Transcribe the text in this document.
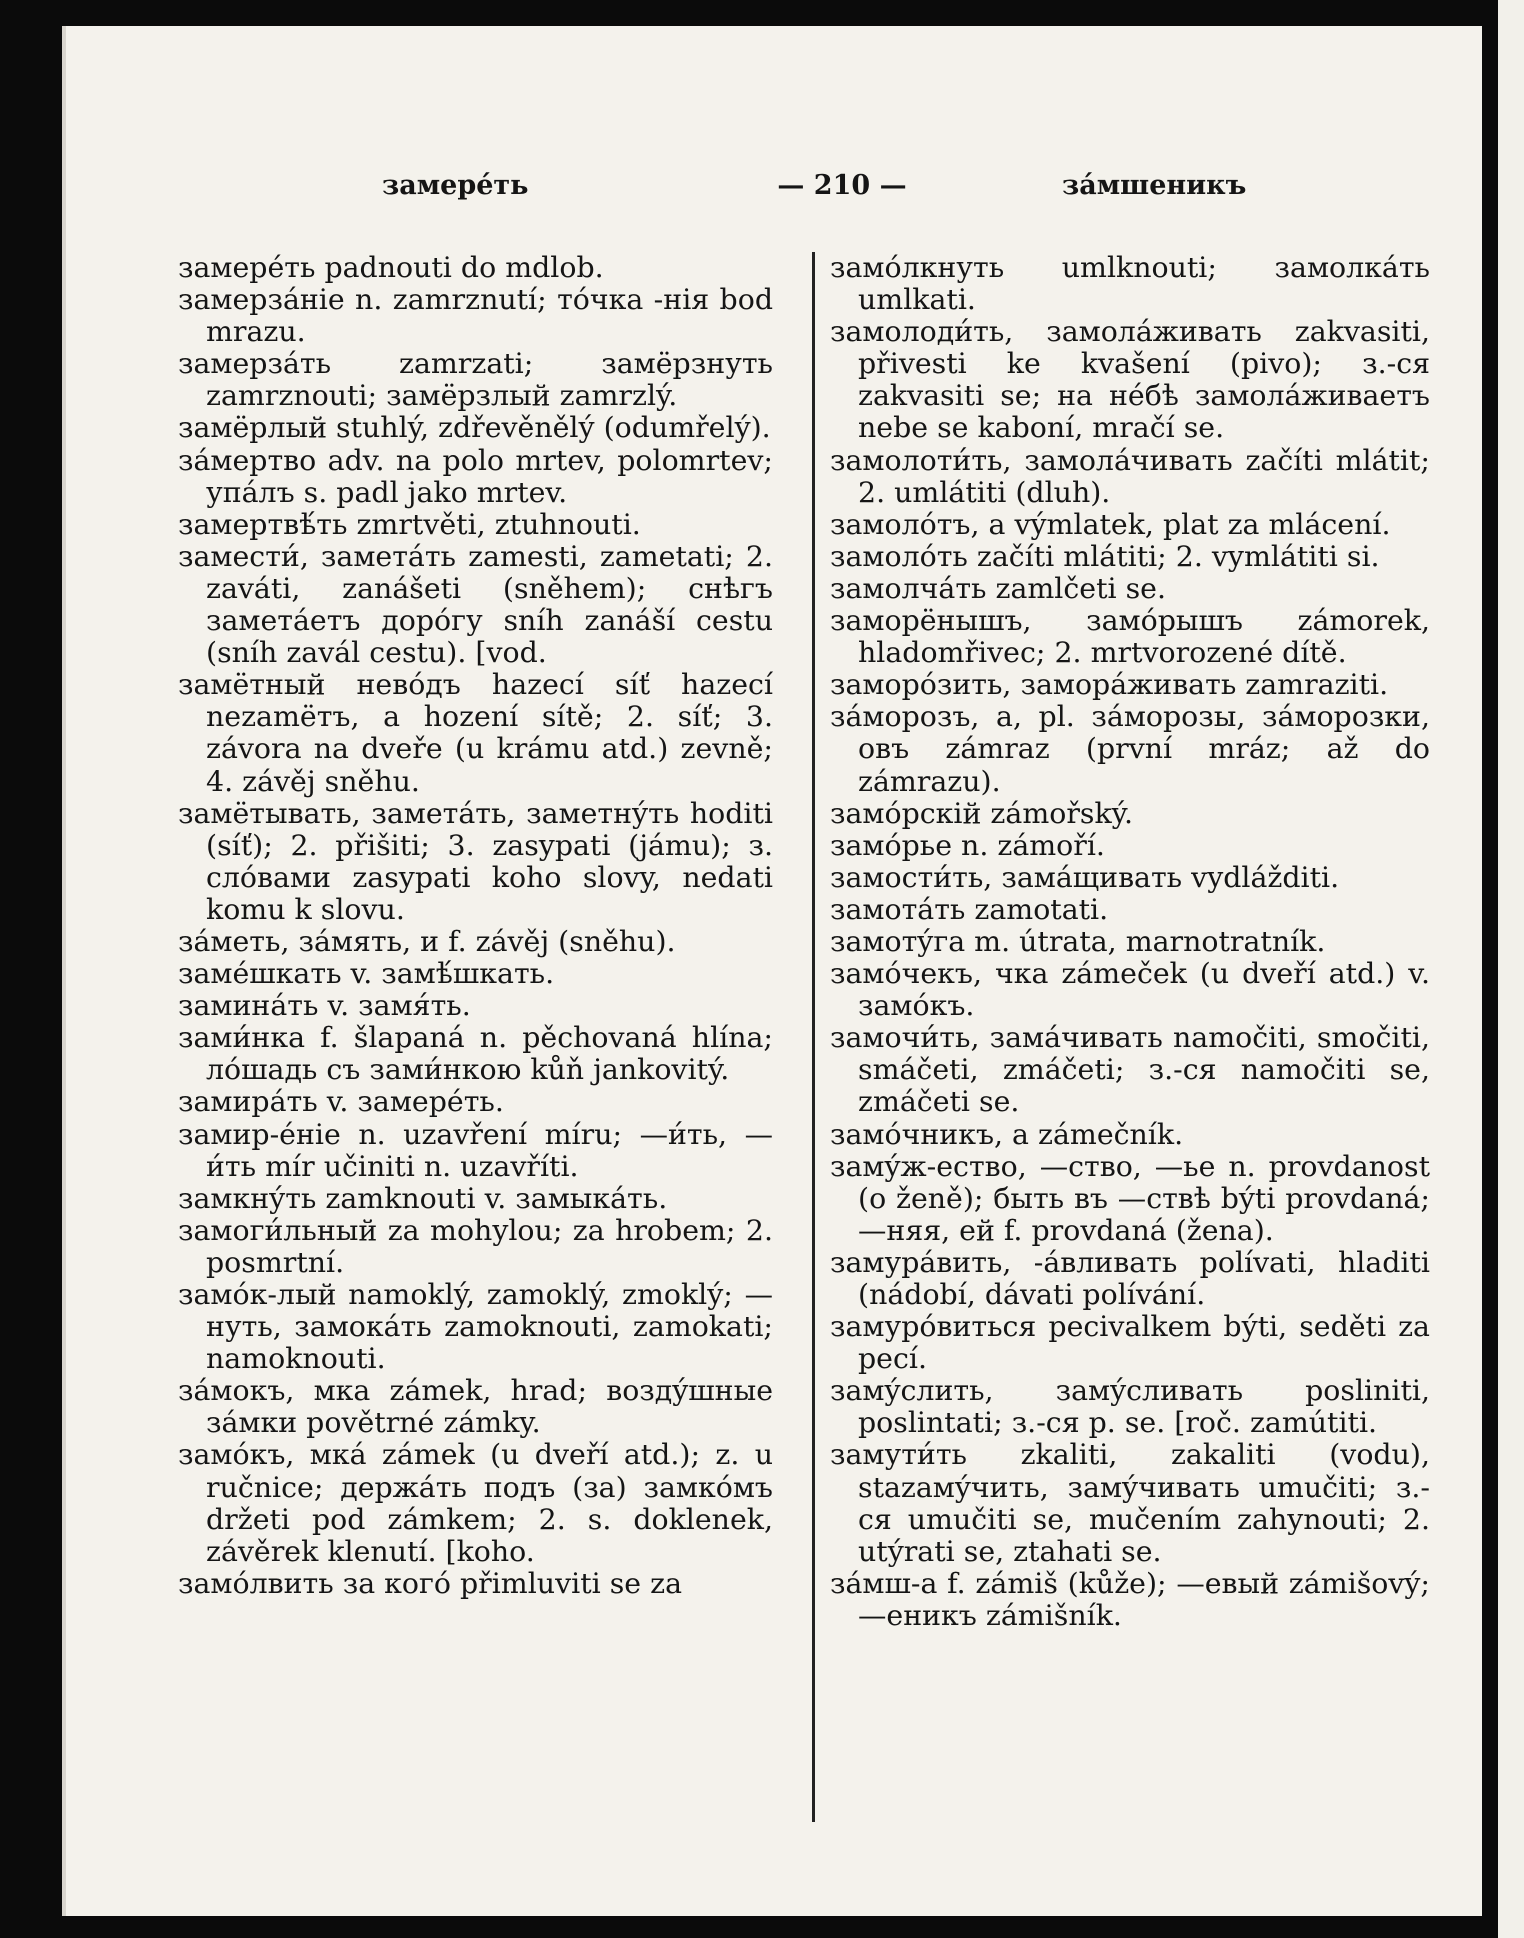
замерéть	— 210 —	зáмшеникъ

замерéть padnouti do mdlob.

замерзáніе n. zamrznutí; тóчка -нія bod mrazu.

замерзáть zamrzati; замёрзнуть zamrznouti; замёрзлый zamrzlý.

замёрлый stuhlý, zdřevěnělý (odumřelý).

зáмертво adv. na polo mrtev, polomrtev; упáлъ s. padl jako mrtev.

замертвѣ́ть zmrtvěti, ztuhnouti.

замести́, заметáть zamesti, zametati; 2. zaváti, zanášeti (sněhem); снѣгъ заметáетъ дорóгу sníh zanáší cestu (sníh zavál cestu). [vod.

замётный невóдъ hazecí síť hazecí nezamётъ, a hození sítě; 2. síť; 3. závora na dveře (u krámu atd.) zevně; 4. závěj sněhu.

замётывать, заметáть, заметнýть hoditi (síť); 2. přišiti; 3. zasypati (jámu); з. слóвами zasypati koho slovy, nedati komu k slovu.

зáметь, зáмять, и f. závěj (sněhu).

замéшкать v. замѣ́шкать.

заминáть v. замя́ть.

зами́нка f. šlapaná n. pěchovaná hlína; лóшадь съ зами́нкою kůň jankovitý.

замирáть v. замерéть.

замир-éніе n. uzavření míru; —и́ть, —и́ть mír učiniti n. uzavříti.

замкнýть zamknouti v. замыкáть.

замоги́льный za mohylou; za hrobem; 2. posmrtní.

замóк-лый namoklý, zamoklý, zmoklý; —нуть, замокáть zamoknouti, zamokati; namoknouti.

зáмокъ, мка zámek, hrad; воздýшные зáмки povětrné zámky.

замóкъ, мкá zámek (u dveří atd.); z. u ručnice; держáть подъ (за) замкóмъ držeti pod zámkem; 2. s. doklenek, závěrek klenutí. [koho.

замóлвить за когó přimluviti se za

замóлкнуть umlknouti; замолкáть umlkati.

замолоди́ть, замолáживать zakvasiti, přivesti ke kvašení (pivo); з.-ся zakvasiti se; на нéбѣ замолáживаетъ nebe se kaboní, mračí se.

замолоти́ть, замолáчивать začíti mlátit; 2. umlátiti (dluh).

замолóтъ, a výmlatek, plat za mlácení.

замолóть začíti mlátiti; 2. vymlátiti si.

замолчáть zamlčeti se.

заморёнышъ, замóрышъ zámorek, hladomřivec; 2. mrtvorozené dítě.

заморóзить, заморáживать zamraziti.

зáморозъ, a, pl. зáморозы, зáморозки, овъ zámraz (první mráz; až do zámrazu).

замóрскій zámořský.

замóрье n. zámoří.

замости́ть, замáщивать vydlážditi.

замотáть zamotati.

замотýга m. útrata, marnotratník.

замóчекъ, чка zámeček (u dveří atd.) v. замóкъ.

замочи́ть, замáчивать namočiti, smočiti, smáčeti, zmáčeti; з.-ся namočiti se, zmáčeti se.

замóчникъ, a zámečník.

замýж-ество, —ство, —ье n. provdanost (o ženě); быть въ —ствѣ býti provdaná; —няя, ей f. provdaná (žena).

замурáвить, -áвливать polívati, hladiti (nádobí, dávati polívání.

замурóвиться pecivalkem býti, seděti za pecí.

замýслить, замýсливать posliniti, poslintati; з.-ся p. se. [roč. zamútiti.

замути́ть zkaliti, zakaliti (vodu), stazамýчить, замýчивать umučiti; з.-ся umučiti se, mučením zahynouti; 2. utýrati se, ztahati se.

зáмш-а f. zámiš (kůže); —евый zámišový; —еникъ zámišník.
